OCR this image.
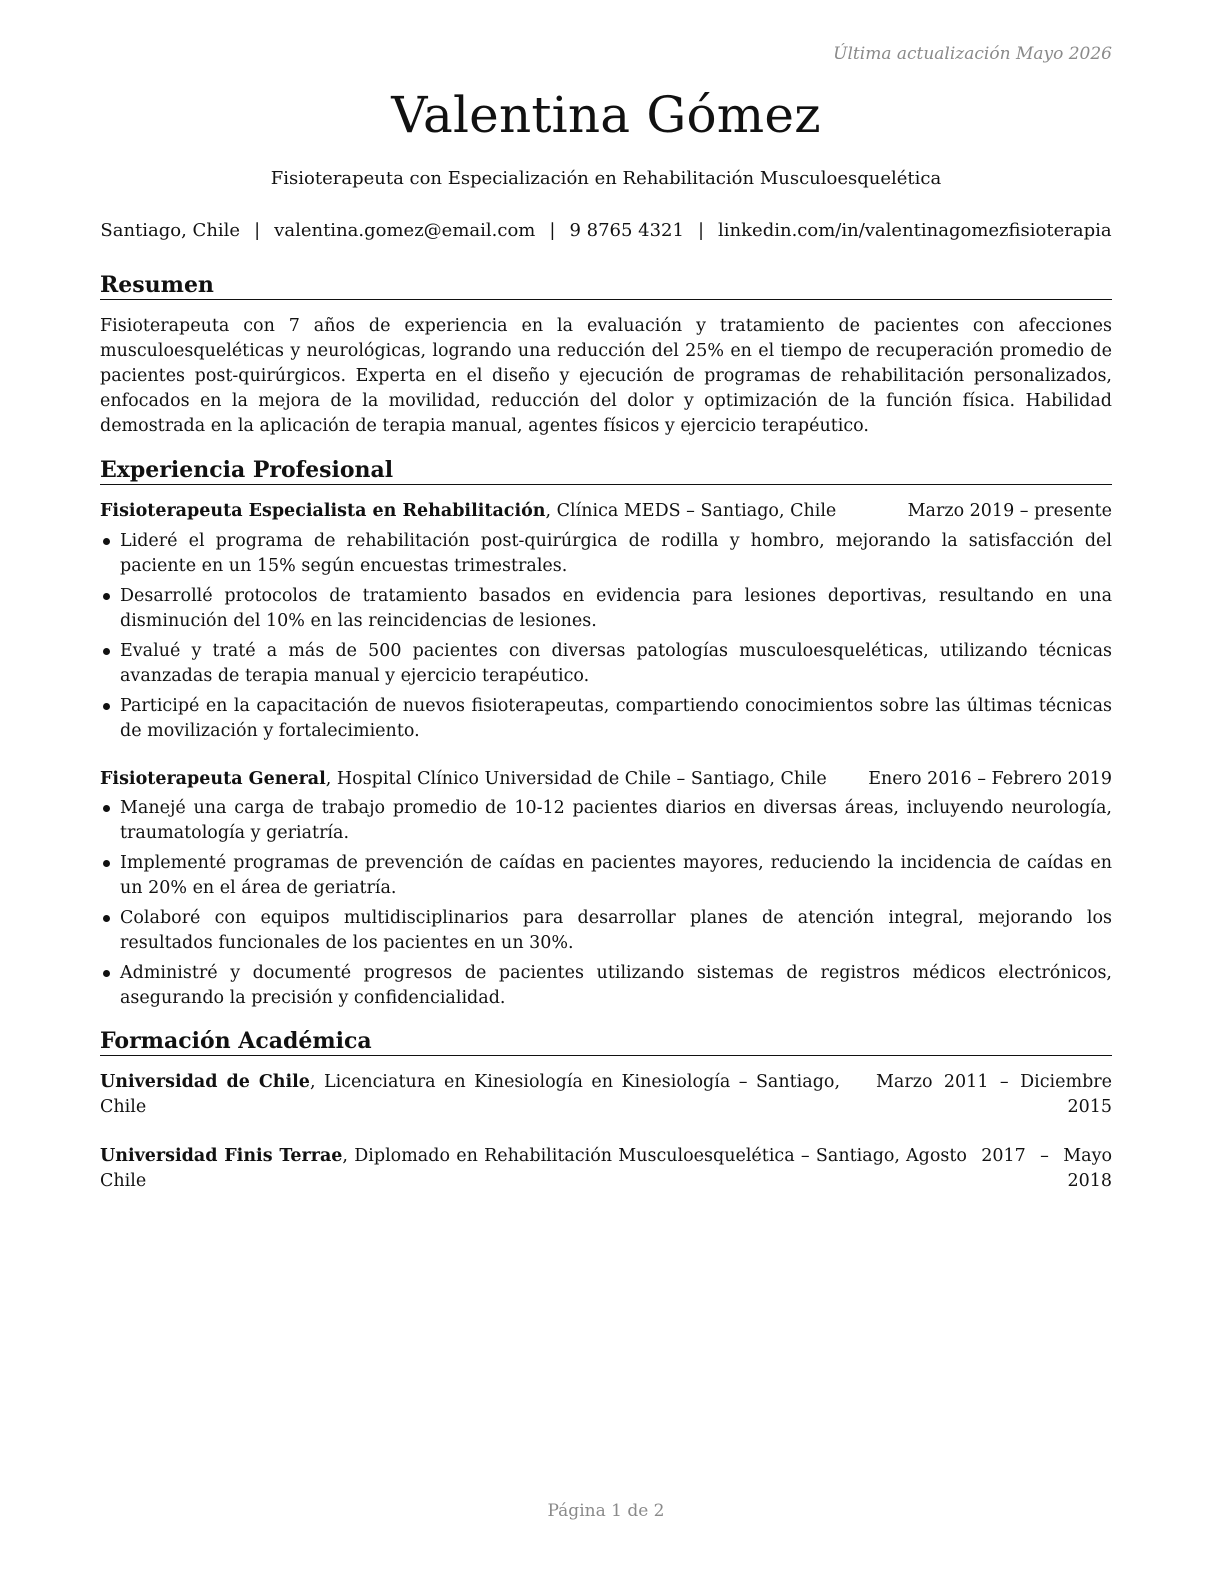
Última actualización Mayo 2026
Valentina Gómez
Fisioterapeuta con Especialización en Rehabilitación Musculoesquelética
Santiago, Chile | valentina.gomez@email.com | 9 8765 4321 | linkedin.com/in/valentinagomezfisioterapia
Resumen
Fisioterapeuta con 7 años de experiencia en la evaluación y tratamiento de pacientes con afecciones musculoesqueléticas y neurológicas, logrando una reducción del 25% en el tiempo de recuperación promedio de pacientes post-quirúrgicos. Experta en el diseño y ejecución de programas de rehabilitación personalizados, enfocados en la mejora de la movilidad, reducción del dolor y optimización de la función física. Habilidad demostrada en la aplicación de terapia manual, agentes físicos y ejercicio terapéutico.
Experiencia Profesional
Fisioterapeuta Especialista en Rehabilitación, Clínica MEDS – Santiago, Chile	Marzo 2019 – presente
Lideré el programa de rehabilitación post-quirúrgica de rodilla y hombro, mejorando la satisfacción del paciente en un 15% según encuestas trimestrales.
Desarrollé protocolos de tratamiento basados en evidencia para lesiones deportivas, resultando en una disminución del 10% en las reincidencias de lesiones.
Evalué y traté a más de 500 pacientes con diversas patologías musculoesqueléticas, utilizando técnicas avanzadas de terapia manual y ejercicio terapéutico.
Participé en la capacitación de nuevos fisioterapeutas, compartiendo conocimientos sobre las últimas técnicas de movilización y fortalecimiento.
Fisioterapeuta General, Hospital Clínico Universidad de Chile – Santiago, Chile Enero 2016 – Febrero 2019
Manejé una carga de trabajo promedio de 10-12 pacientes diarios en diversas áreas, incluyendo neurología, traumatología y geriatría.
Implementé programas de prevención de caídas en pacientes mayores, reduciendo la incidencia de caídas en un 20% en el área de geriatría.
Colaboré con equipos multidisciplinarios para desarrollar planes de atención integral, mejorando los resultados funcionales de los pacientes en un 30%.
Administré y documenté progresos de pacientes utilizando sistemas de registros médicos electrónicos, asegurando la precisión y confidencialidad.
Formación Académica
Universidad de Chile, Licenciatura en Kinesiología en Kinesiología – Santiago, Chile
Marzo 2011 – Diciembre 2015
Universidad Finis Terrae, Diplomado en Rehabilitación Musculoesquelética – Santiago, Chile
Agosto 2017 – Mayo 2018
Página 1 de 2
